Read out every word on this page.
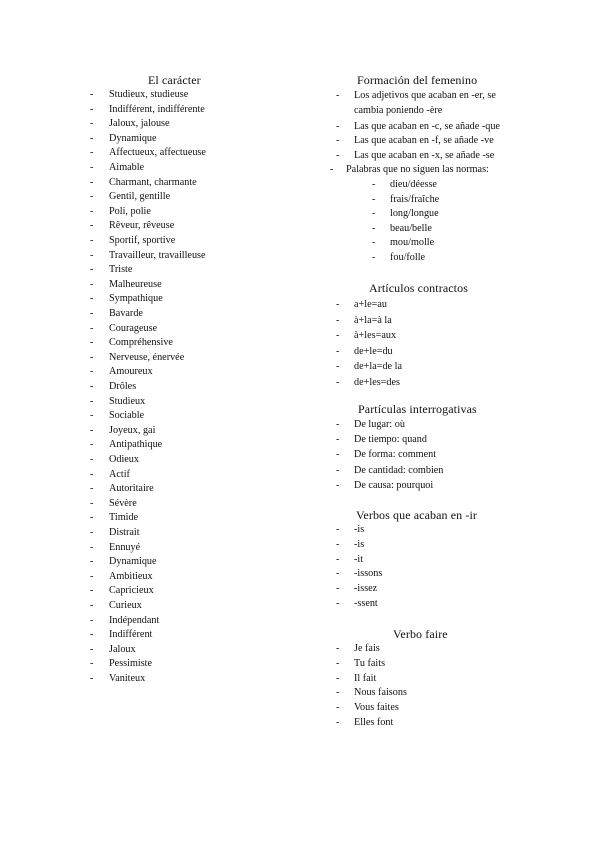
El carácter
- Studieux, studieuse
- Indifférent, indifférente
- Jaloux, jalouse
- Dynamique
- Affectueux, affectueuse
- Aimable
- Charmant, charmante
- Gentil, gentille
- Poli, polie
- Rêveur, rêveuse
- Sportif, sportive
- Travailleur, travailleuse
- Triste
- Malheureuse
- Sympathique
- Bavarde
- Courageuse
- Compréhensive
- Nerveuse, énervée
- Amoureux
- Drôles
- Studieux
- Sociable
- Joyeux, gai
- Antipathique
- Odieux
- Actif
- Autoritaire
- Sévère
- Timide
- Distrait
- Ennuyé
- Dynamique
- Ambitieux
- Capricieux
- Curieux
- Indépendant
- Indifférent
- Jaloux
- Pessimiste
- Vaniteux
Formación del femenino
- Los adjetivos que acaban en -er, se
cambia poniendo -ère
- Las que acaban en -c, se añade -que
- Las que acaban en -f, se añade -ve
- Las que acaban en -x, se añade -se
- Palabras que no siguen las normas:
- dieu/déesse
- frais/fraîche
- long/longue
- beau/belle
- mou/molle
- fou/folle
Artículos contractos
- a+le=au
- à+la=à la
- à+les=aux
- de+le=du
- de+la=de la
- de+les=des
Partículas interrogativas
- De lugar: où
- De tiempo: quand
- De forma: comment
- De cantidad: combien
- De causa: pourquoi
Verbos que acaban en -ir
- -is
- -is
- -it
- -issons
- -issez
- -ssent
Verbo faire
- Je fais
- Tu faits
- Il fait
- Nous faisons
- Vous faites
- Elles font
